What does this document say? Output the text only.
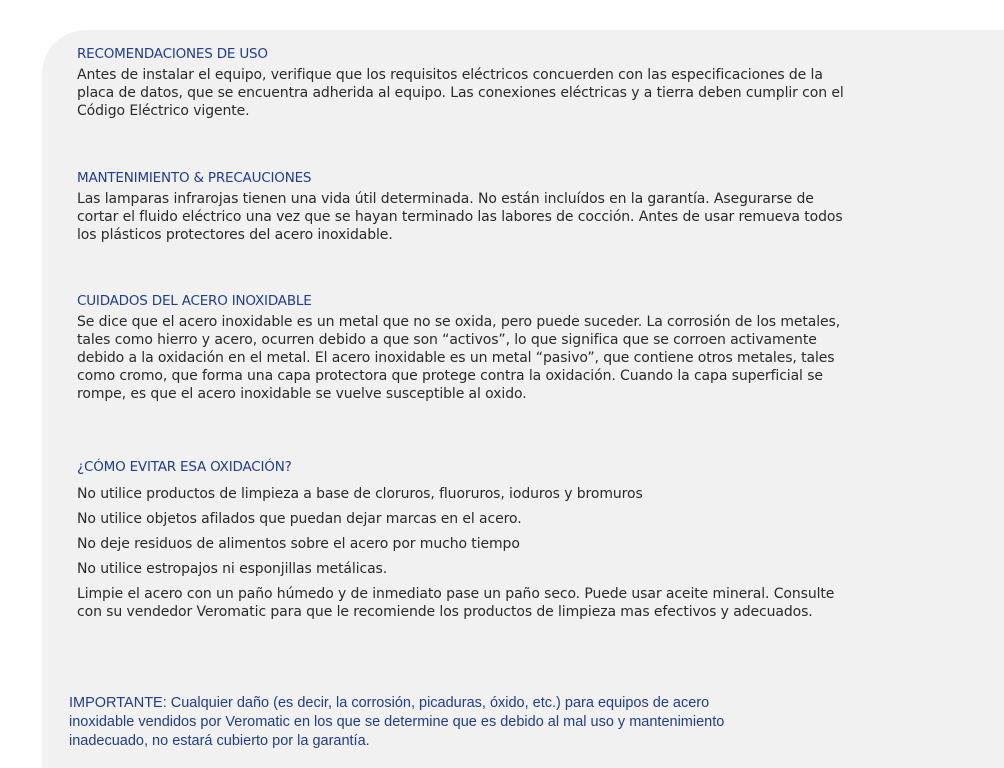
RECOMENDACIONES DE USO
Antes de instalar el equipo, verifique que los requisitos eléctricos concuerden con las especificaciones de la
placa de datos, que se encuentra adherida al equipo. Las conexiones eléctricas y a tierra deben cumplir con el
Código Eléctrico vigente.
MANTENIMIENTO & PRECAUCIONES
Las lamparas infrarojas tienen una vida útil determinada. No están incluídos en la garantía. Asegurarse de
cortar el fluido eléctrico una vez que se hayan terminado las labores de cocción. Antes de usar remueva todos
los plásticos protectores del acero inoxidable.
CUIDADOS DEL ACERO INOXIDABLE
Se dice que el acero inoxidable es un metal que no se oxida, pero puede suceder. La corrosión de los metales,
tales como hierro y acero, ocurren debido a que son “activos”, lo que significa que se corroen activamente
debido a la oxidación en el metal. El acero inoxidable es un metal “pasivo”, que contiene otros metales, tales
como cromo, que forma una capa protectora que protege contra la oxidación. Cuando la capa superficial se
rompe, es que el acero inoxidable se vuelve susceptible al oxido.
¿CÓMO EVITAR ESA OXIDACIÓN?
No utilice productos de limpieza a base de cloruros, fluoruros, ioduros y bromuros
No utilice objetos afilados que puedan dejar marcas en el acero.
No deje residuos de alimentos sobre el acero por mucho tiempo
No utilice estropajos ni esponjillas metálicas.
Limpie el acero con un paño húmedo y de inmediato pase un paño seco. Puede usar aceite mineral. Consulte
con su vendedor Veromatic para que le recomiende los productos de limpieza mas efectivos y adecuados.
IMPORTANTE: Cualquier daño (es decir, la corrosión, picaduras, óxido, etc.) para equipos de acero
inoxidable vendidos por Veromatic en los que se determine que es debido al mal uso y mantenimiento
inadecuado, no estará cubierto por la garantía.
